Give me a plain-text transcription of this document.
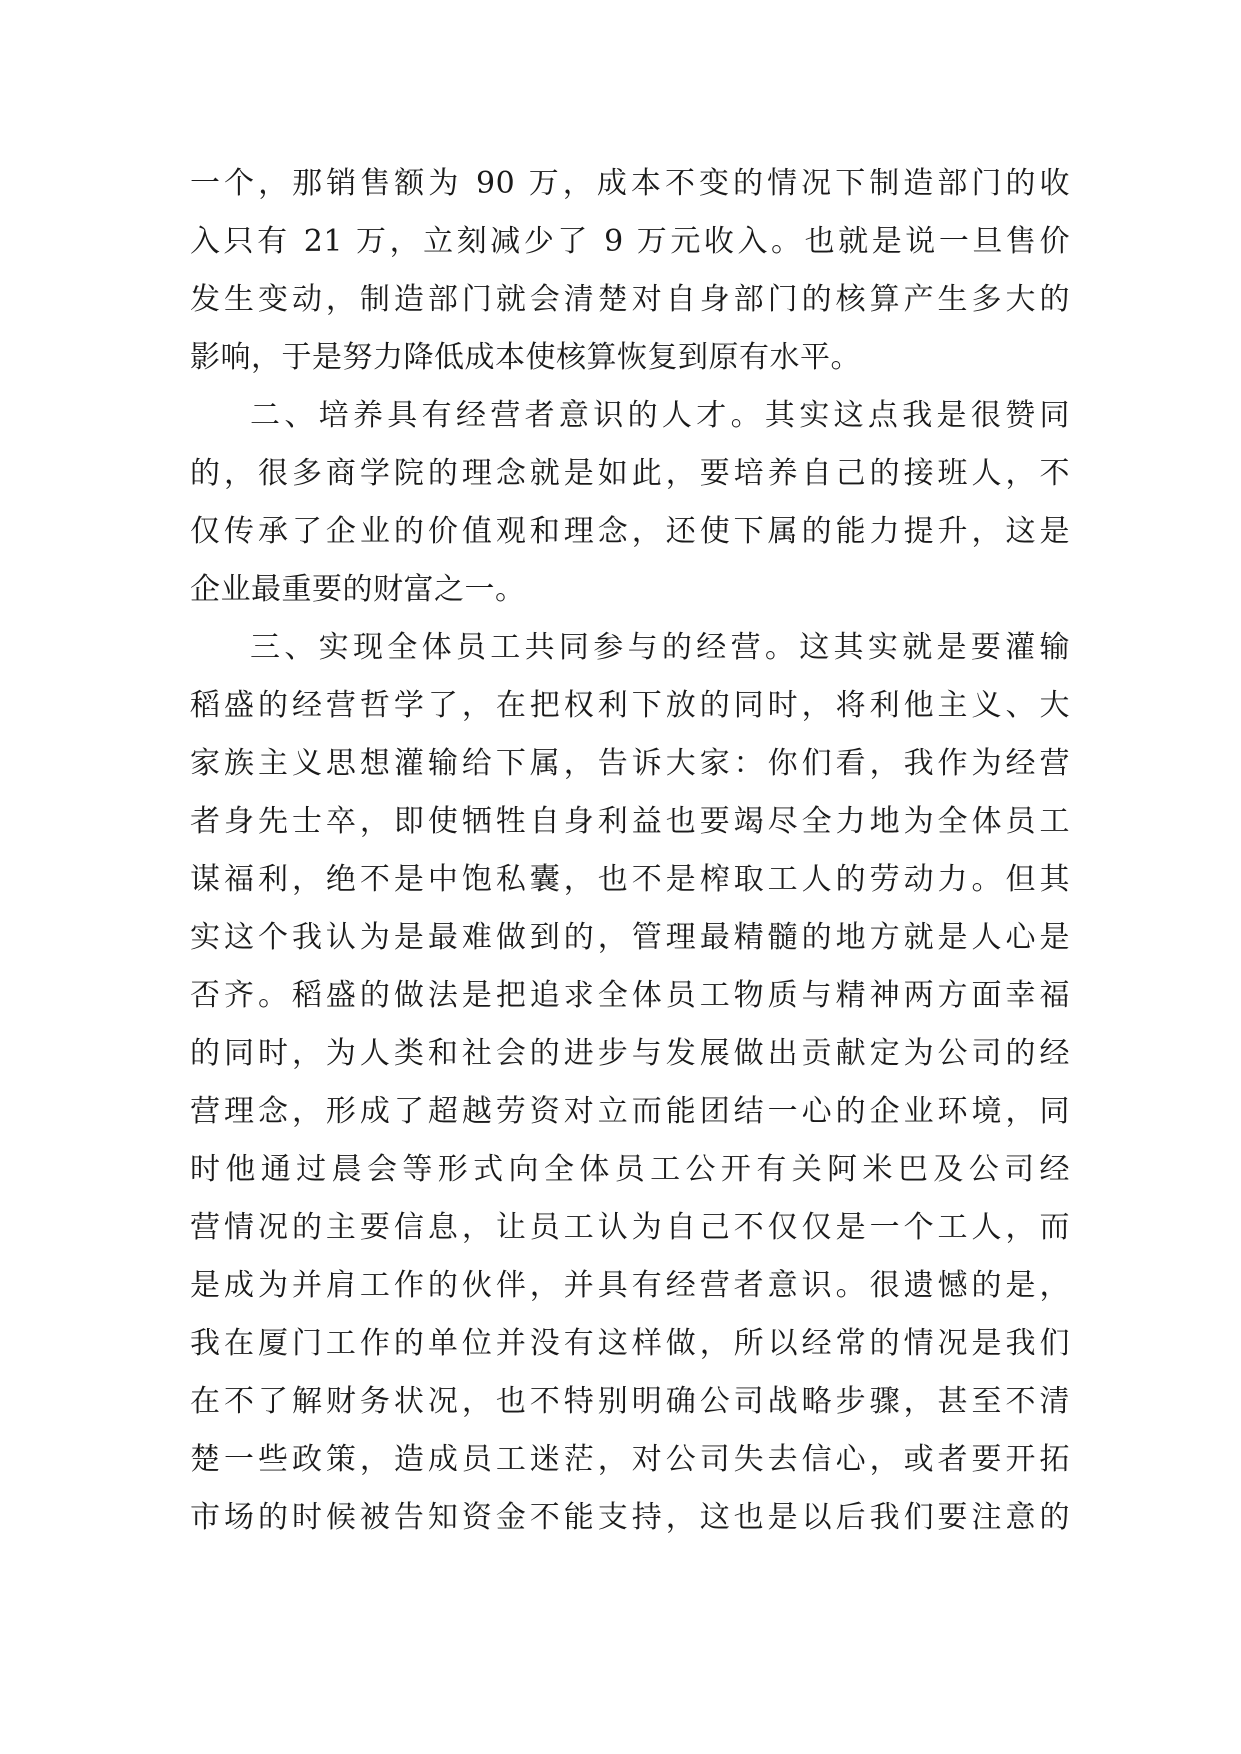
一个，那销售额为 90 万，成本不变的情况下制造部门的收
入只有 21 万，立刻减少了 9 万元收入。也就是说一旦售价
发生变动，制造部门就会清楚对自身部门的核算产生多大的
影响，于是努力降低成本使核算恢复到原有水平。
二、培养具有经营者意识的人才。其实这点我是很赞同
的，很多商学院的理念就是如此，要培养自己的接班人，不
仅传承了企业的价值观和理念，还使下属的能力提升，这是
企业最重要的财富之一。
三、实现全体员工共同参与的经营。这其实就是要灌输
稻盛的经营哲学了，在把权利下放的同时，将利他主义、大
家族主义思想灌输给下属，告诉大家：你们看，我作为经营
者身先士卒，即使牺牲自身利益也要竭尽全力地为全体员工
谋福利，绝不是中饱私囊，也不是榨取工人的劳动力。但其
实这个我认为是最难做到的，管理最精髓的地方就是人心是
否齐。稻盛的做法是把追求全体员工物质与精神两方面幸福
的同时，为人类和社会的进步与发展做出贡献定为公司的经
营理念，形成了超越劳资对立而能团结一心的企业环境，同
时他通过晨会等形式向全体员工公开有关阿米巴及公司经
营情况的主要信息，让员工认为自己不仅仅是一个工人，而
是成为并肩工作的伙伴，并具有经营者意识。很遗憾的是，
我在厦门工作的单位并没有这样做，所以经常的情况是我们
在不了解财务状况，也不特别明确公司战略步骤，甚至不清
楚一些政策，造成员工迷茫，对公司失去信心，或者要开拓
市场的时候被告知资金不能支持，这也是以后我们要注意的
